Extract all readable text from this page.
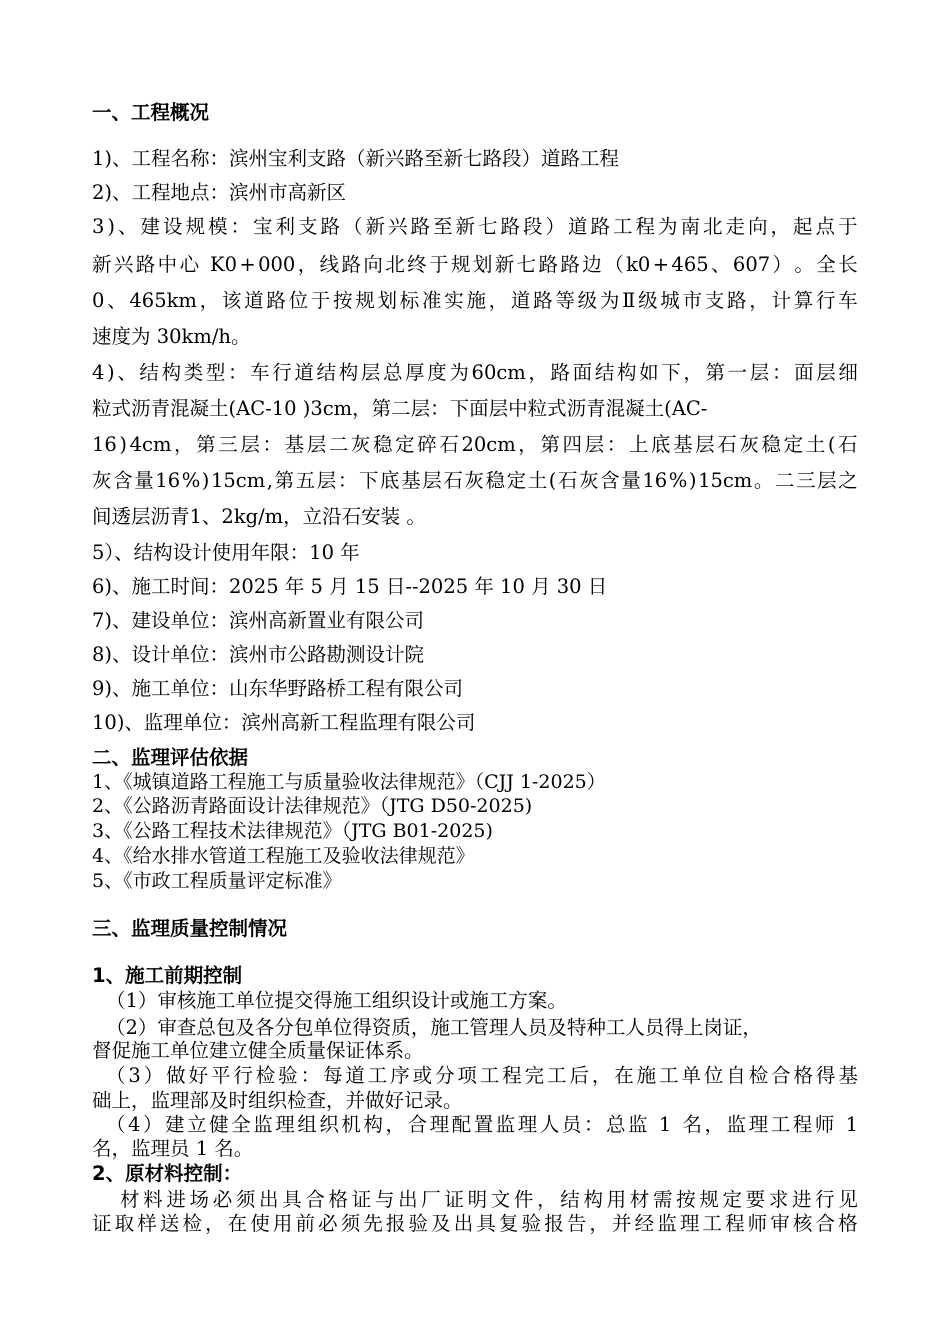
一、工程概况
1)、工程名称：滨州宝利支路（新兴路至新七路段）道路工程
2)、工程地点：滨州市高新区
3 ) 、 建 设 规 模 ： 宝 利 支 路 （ 新 兴 路 至 新 七 路 段 ） 道 路 工 程 为 南 北 走 向 ， 起 点 于
新 兴 路 中 心
K0 + 000 ， 线 路 向 北 终 于 规 划 新 七 路 路 边 （ k0 + 465 、 607 ） 。 全 长
0 、 465km ， 该 道 路 位 于 按 规 划 标 准 实 施 ， 道 路 等 级 为 Ⅱ 级 城 市 支 路 ， 计 算 行 车
速度为 30km/h。
4 ) 、 结 构 类 型 ： 车 行 道 结 构 层 总 厚 度 为 60cm ， 路 面 结 构 如 下 ， 第 一 层 ： 面 层 细
粒式沥青混凝土(AC-10 )3cm，第二层：下面层中粒式沥青混凝土(AC-
16 ) 4cm ， 第 三 层 ： 基 层 二 灰 稳 定 碎 石 20cm ， 第 四 层 ： 上 底 基 层 石 灰 稳 定 土 ( 石
灰 含 量 16 % ) 15cm , 第 五 层 ： 下 底 基 层 石 灰 稳 定 土 ( 石 灰 含 量 16 % ) 15cm 。 二 三 层 之
间透层沥青1、2kg/m，立沿石安装 。
5）、结构设计使用年限：10 年
6)、施工时间：2025 年 5 月 15 日--2025 年 10 月 30 日
7)、建设单位：滨州高新置业有限公司
8)、设计单位：滨州市公路勘测设计院
9)、施工单位：山东华野路桥工程有限公司
10)、监理单位：滨州高新工程监理有限公司
二、监理评估依据
1、《城镇道路工程施工与质量验收法律规范》（CJJ 1-2025）
2、《公路沥青路面设计法律规范》（JTG D50-2025)
3、《公路工程技术法律规范》（JTG B01-2025)
4、《给水排水管道工程施工及验收法律规范》
5、《市政工程质量评定标准》
三、监理质量控制情况
1、施工前期控制
（1）审核施工单位提交得施工组织设计或施工方案。
（2）审查总包及各分包单位得资质，施工管理人员及特种工人员得上岗证，
督促施工单位建立健全质量保证体系。
（ 3 ） 做 好 平 行 检 验 ： 每 道 工 序 或 分 项 工 程 完 工 后 ， 在 施 工 单 位 自 检 合 格 得 基
础上，监理部及时组织检查，并做好记录。
（ 4 ） 建 立 健 全 监 理 组 织 机 构 ， 合 理 配 置 监 理 人 员 ： 总 监
1
名 ， 监 理 工 程 师
1
名，监理员 1 名。
2、原材料控制：
材 料 进 场 必 须 出 具 合 格 证 与 出 厂 证 明 文 件 ， 结 构 用 材 需 按 规 定 要 求 进 行 见
证 取 样 送 检 ， 在 使 用 前 必 须 先 报 验 及 出 具 复 验 报 告 ， 并 经 监 理 工 程 师 审 核 合 格
